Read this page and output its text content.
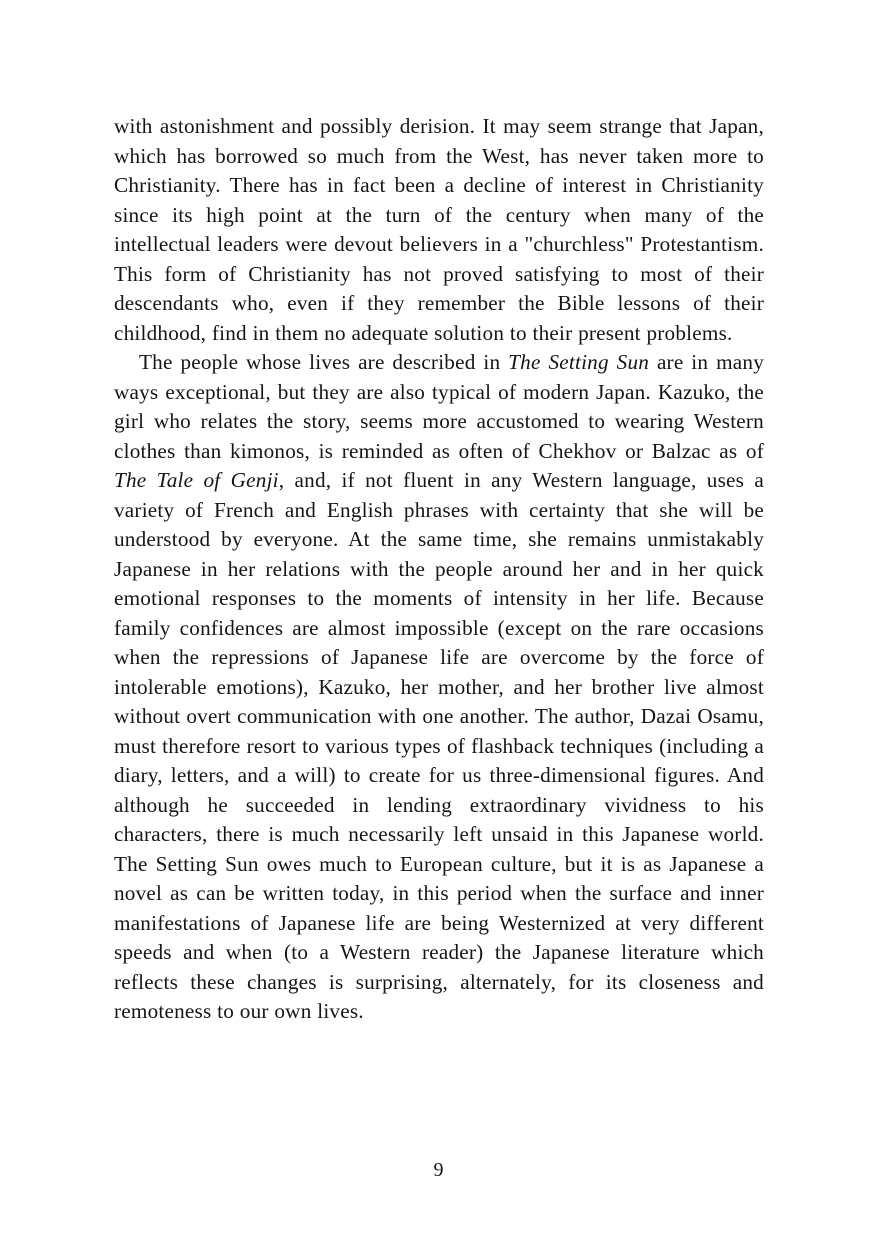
with astonishment and possibly derision. It may seem strange that Japan, which has borrowed so much from the West, has never taken more to Christianity. There has in fact been a decline of interest in Christianity since its high point at the turn of the century when many of the intellectual leaders were devout believers in a "churchless" Protestantism. This form of Christianity has not proved satisfying to most of their descendants who, even if they remember the Bible lessons of their childhood, find in them no adequate solution to their present problems.

The people whose lives are described in The Setting Sun are in many ways exceptional, but they are also typical of modern Japan. Kazuko, the girl who relates the story, seems more accustomed to wearing Western clothes than kimonos, is reminded as often of Chekhov or Balzac as of The Tale of Genji, and, if not fluent in any Western language, uses a variety of French and English phrases with certainty that she will be understood by everyone. At the same time, she remains unmistakably Japanese in her relations with the people around her and in her quick emotional responses to the moments of intensity in her life. Because family confidences are almost impossible (except on the rare occasions when the repressions of Japanese life are overcome by the force of intolerable emotions), Kazuko, her mother, and her brother live almost without overt communication with one another. The author, Dazai Osamu, must therefore resort to various types of flashback techniques (including a diary, letters, and a will) to create for us three-dimensional figures. And although he succeeded in lending extraordinary vividness to his characters, there is much necessarily left unsaid in this Japanese world. The Setting Sun owes much to European culture, but it is as Japanese a novel as can be written today, in this period when the surface and inner manifestations of Japanese life are being Westernized at very different speeds and when (to a Western reader) the Japanese literature which reflects these changes is surprising, alternately, for its closeness and remoteness to our own lives.

9
